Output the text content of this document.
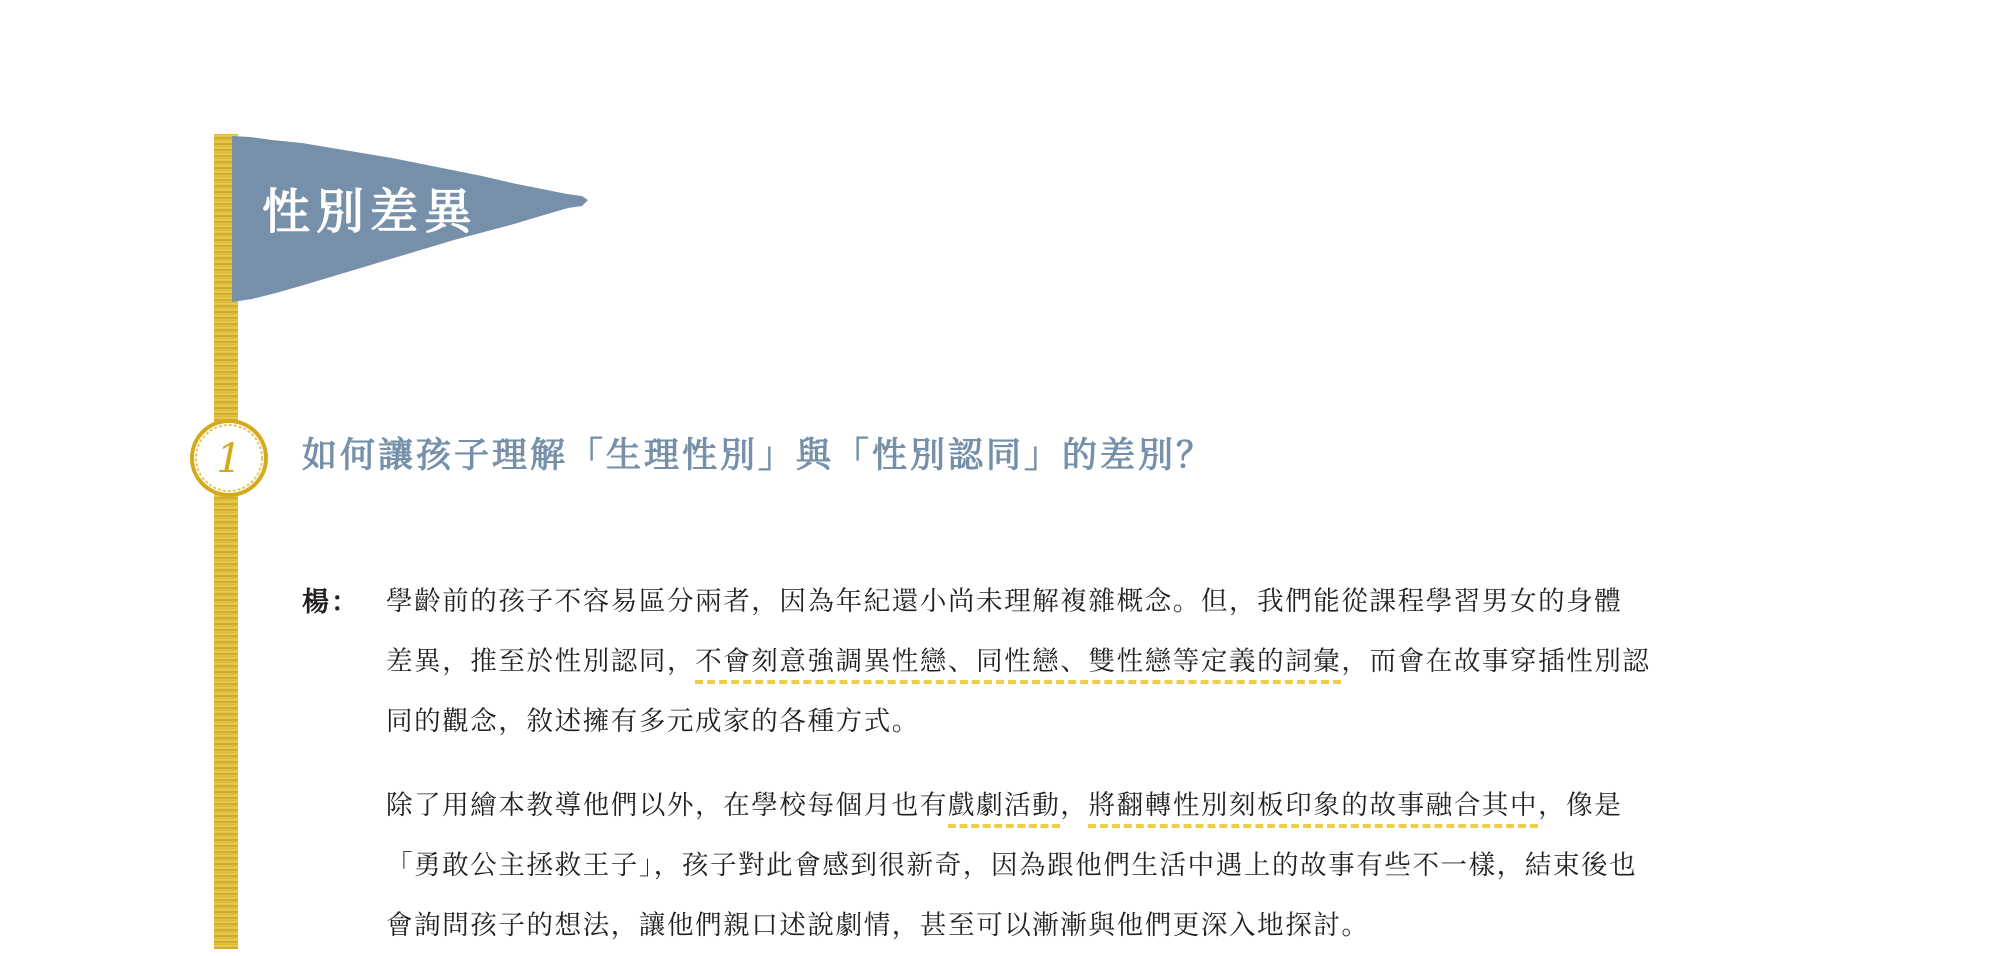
性別差異
1 如何讓孩子理解「生理性別」與「性別認同」的差別？
楊： 學齡前的孩子不容易區分兩者，因為年紀還小尚未理解複雜概念。但，我們能從課程學習男女的身體
差異，推至於性別認同，不會刻意強調異性戀、同性戀、雙性戀等定義的詞彙，而會在故事穿插性別認
同的觀念，敘述擁有多元成家的各種方式。

除了用繪本教導他們以外，在學校每個月也有戲劇活動，將翻轉性別刻板印象的故事融合其中，像是
「勇敢公主拯救王子」，孩子對此會感到很新奇，因為跟他們生活中遇上的故事有些不一樣，結束後也
會詢問孩子的想法，讓他們親口述說劇情，甚至可以漸漸與他們更深入地探討。
